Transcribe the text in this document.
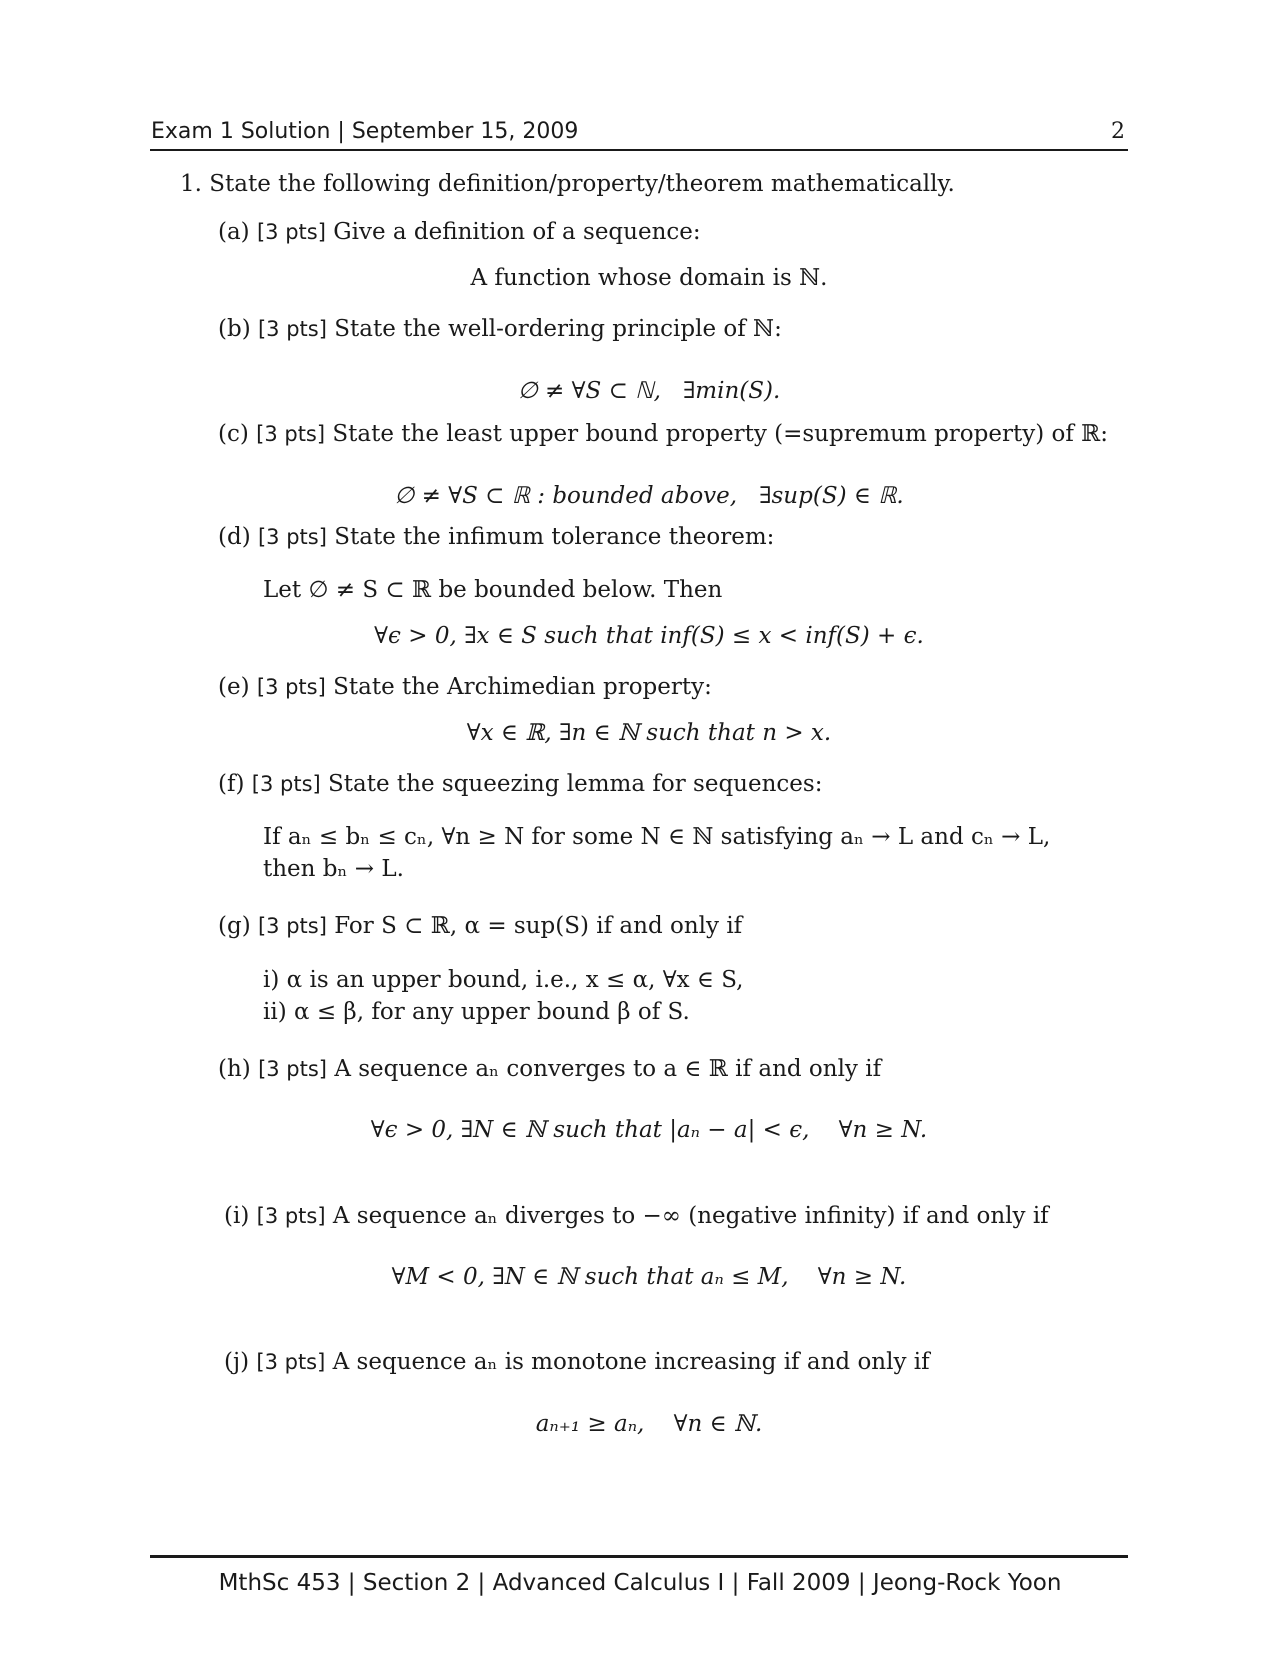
Exam 1 Solution | September 15, 2009	2
1. State the following definition/property/theorem mathematically.
(a) [3 pts] Give a definition of a sequence:
A function whose domain is ℕ.
(b) [3 pts] State the well-ordering principle of ℕ:
∅ ≠ ∀S ⊂ ℕ,   ∃min(S).
(c) [3 pts] State the least upper bound property (=supremum property) of ℝ:
∅ ≠ ∀S ⊂ ℝ : bounded above,   ∃sup(S) ∈ ℝ.
(d) [3 pts] State the infimum tolerance theorem:
Let ∅ ≠ S ⊂ ℝ be bounded below. Then
∀ϵ > 0, ∃x ∈ S such that inf(S) ≤ x < inf(S) + ϵ.
(e) [3 pts] State the Archimedian property:
∀x ∈ ℝ, ∃n ∈ ℕ such that n > x.
(f) [3 pts] State the squeezing lemma for sequences:
If aₙ ≤ bₙ ≤ cₙ, ∀n ≥ N for some N ∈ ℕ satisfying aₙ → L and cₙ → L,
then bₙ → L.
(g) [3 pts] For S ⊂ ℝ, α = sup(S) if and only if
i) α is an upper bound, i.e., x ≤ α, ∀x ∈ S,
ii) α ≤ β, for any upper bound β of S.
(h) [3 pts] A sequence aₙ converges to a ∈ ℝ if and only if
∀ϵ > 0, ∃N ∈ ℕ such that |aₙ − a| < ϵ,    ∀n ≥ N.
(i) [3 pts] A sequence aₙ diverges to −∞ (negative infinity) if and only if
∀M < 0, ∃N ∈ ℕ such that aₙ ≤ M,    ∀n ≥ N.
(j) [3 pts] A sequence aₙ is monotone increasing if and only if
aₙ₊₁ ≥ aₙ,    ∀n ∈ ℕ.
MthSc 453 | Section 2 | Advanced Calculus I | Fall 2009 | Jeong-Rock Yoon
